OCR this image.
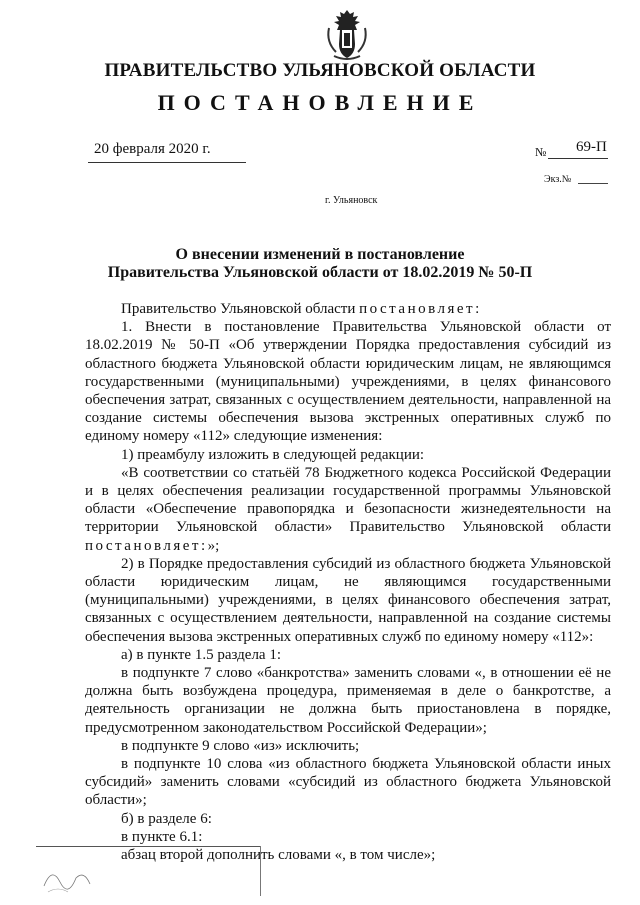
ПРАВИТЕЛЬСТВО УЛЬЯНОВСКОЙ ОБЛАСТИ
ПОСТАНОВЛЕНИЕ
20 февраля 2020 г.	№ 69-П
Экз.№
г. Ульяновск
О внесении изменений в постановление
Правительства Ульяновской области от 18.02.2019 № 50-П

Правительство Ульяновской области постановляет:

1. Внести в постановление Правительства Ульяновской области от 18.02.2019 № 50-П «Об утверждении Порядка предоставления субсидий из областного бюджета Ульяновской области юридическим лицам, не являющимся государственными (муниципальными) учреждениями, в целях финансового обеспечения затрат, связанных с осуществлением деятельности, направленной на создание системы обеспечения вызова экстренных оперативных служб по единому номеру «112» следующие изменения:

1) преамбулу изложить в следующей редакции:

«В соответствии со статьёй 78 Бюджетного кодекса Российской Федерации и в целях обеспечения реализации государственной программы Ульяновской области «Обеспечение правопорядка и безопасности жизнедеятельности на территории Ульяновской области» Правительство Ульяновской области постановляет:»;

2) в Порядке предоставления субсидий из областного бюджета Ульяновской области юридическим лицам, не являющимся государственными (муниципальными) учреждениями, в целях финансового обеспечения затрат, связанных с осуществлением деятельности, направленной на создание системы обеспечения вызова экстренных оперативных служб по единому номеру «112»:

а) в пункте 1.5 раздела 1:

в подпункте 7 слово «банкротства» заменить словами «, в отношении её не должна быть возбуждена процедура, применяемая в деле о банкротстве, а деятельность организации не должна быть приостановлена в порядке, предусмотренном законодательством Российской Федерации»;

в подпункте 9 слово «из» исключить;

в подпункте 10 слова «из областного бюджета Ульяновской области иных субсидий» заменить словами «субсидий из областного бюджета Ульяновской области»;

б) в разделе 6:

в пункте 6.1:

абзац второй дополнить словами «, в том числе»;
